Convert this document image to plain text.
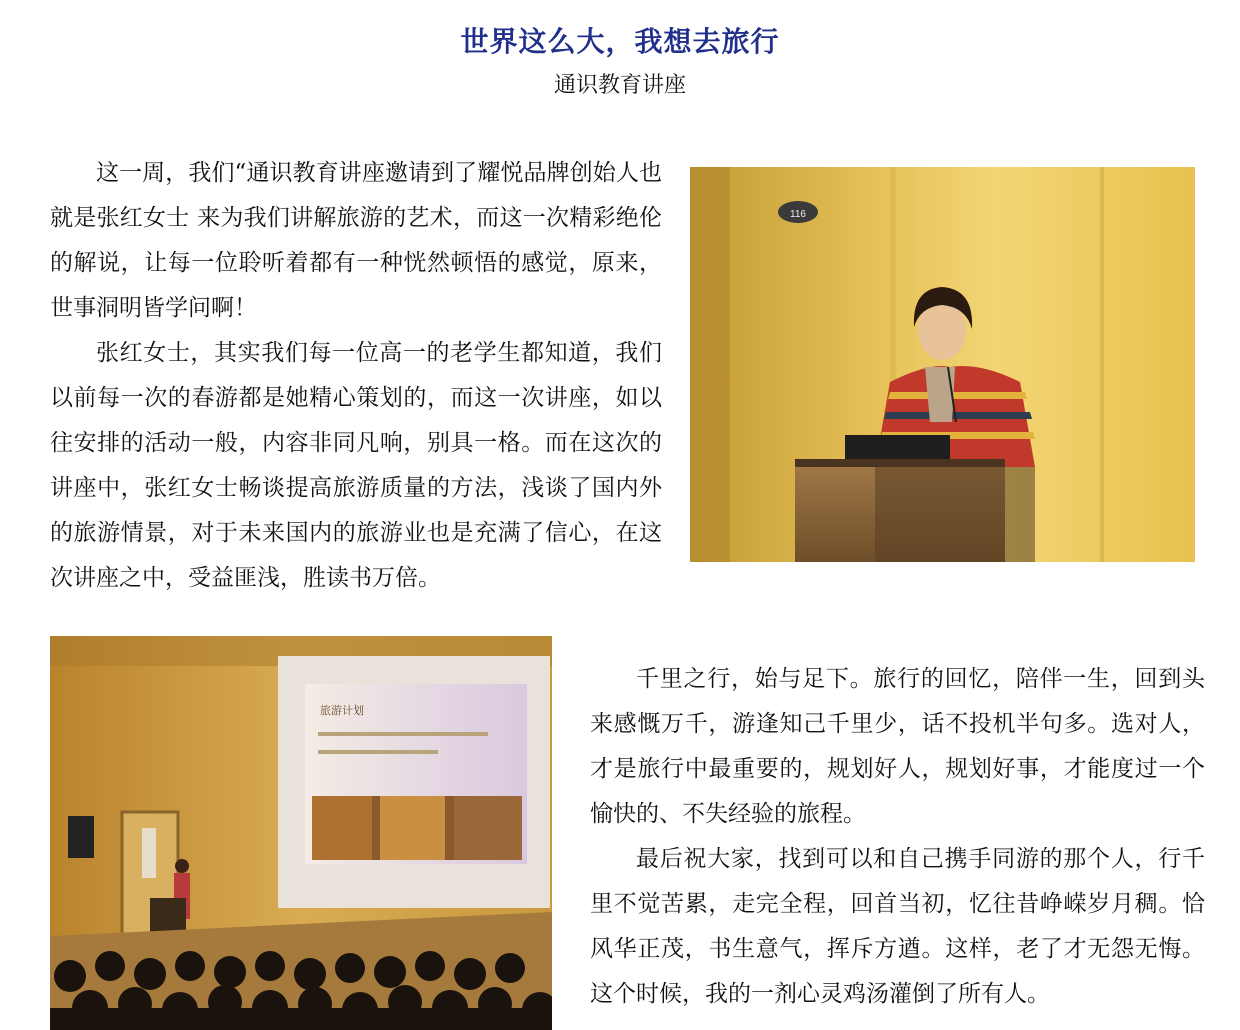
世界这么大，我想去旅行
通识教育讲座

这一周，我们“通识教育讲座邀请到了耀悦品牌创始人也就是张红女士 来为我们讲解旅游的艺术，而这一次精彩绝伦的解说，让每一位聆听着都有一种恍然顿悟的感觉，原来，世事洞明皆学问啊！

张红女士，其实我们每一位高一的老学生都知道，我们以前每一次的春游都是她精心策划的，而这一次讲座，如以往安排的活动一般，内容非同凡响，别具一格。而在这次的讲座中，张红女士畅谈提高旅游质量的方法，浅谈了国内外的旅游情景，对于未来国内的旅游业也是充满了信心，在这次讲座之中，受益匪浅，胜读书万倍。

116
旅游计划

千里之行，始与足下。旅行的回忆，陪伴一生，回到头来感慨万千，游逢知己千里少，话不投机半句多。选对人，才是旅行中最重要的，规划好人，规划好事，才能度过一个愉快的、不失经验的旅程。

最后祝大家，找到可以和自己携手同游的那个人，行千里不觉苦累，走完全程，回首当初，忆往昔峥嵘岁月稠。恰风华正茂，书生意气，挥斥方遒。这样，老了才无怨无悔。这个时候，我的一剂心灵鸡汤灌倒了所有人。
